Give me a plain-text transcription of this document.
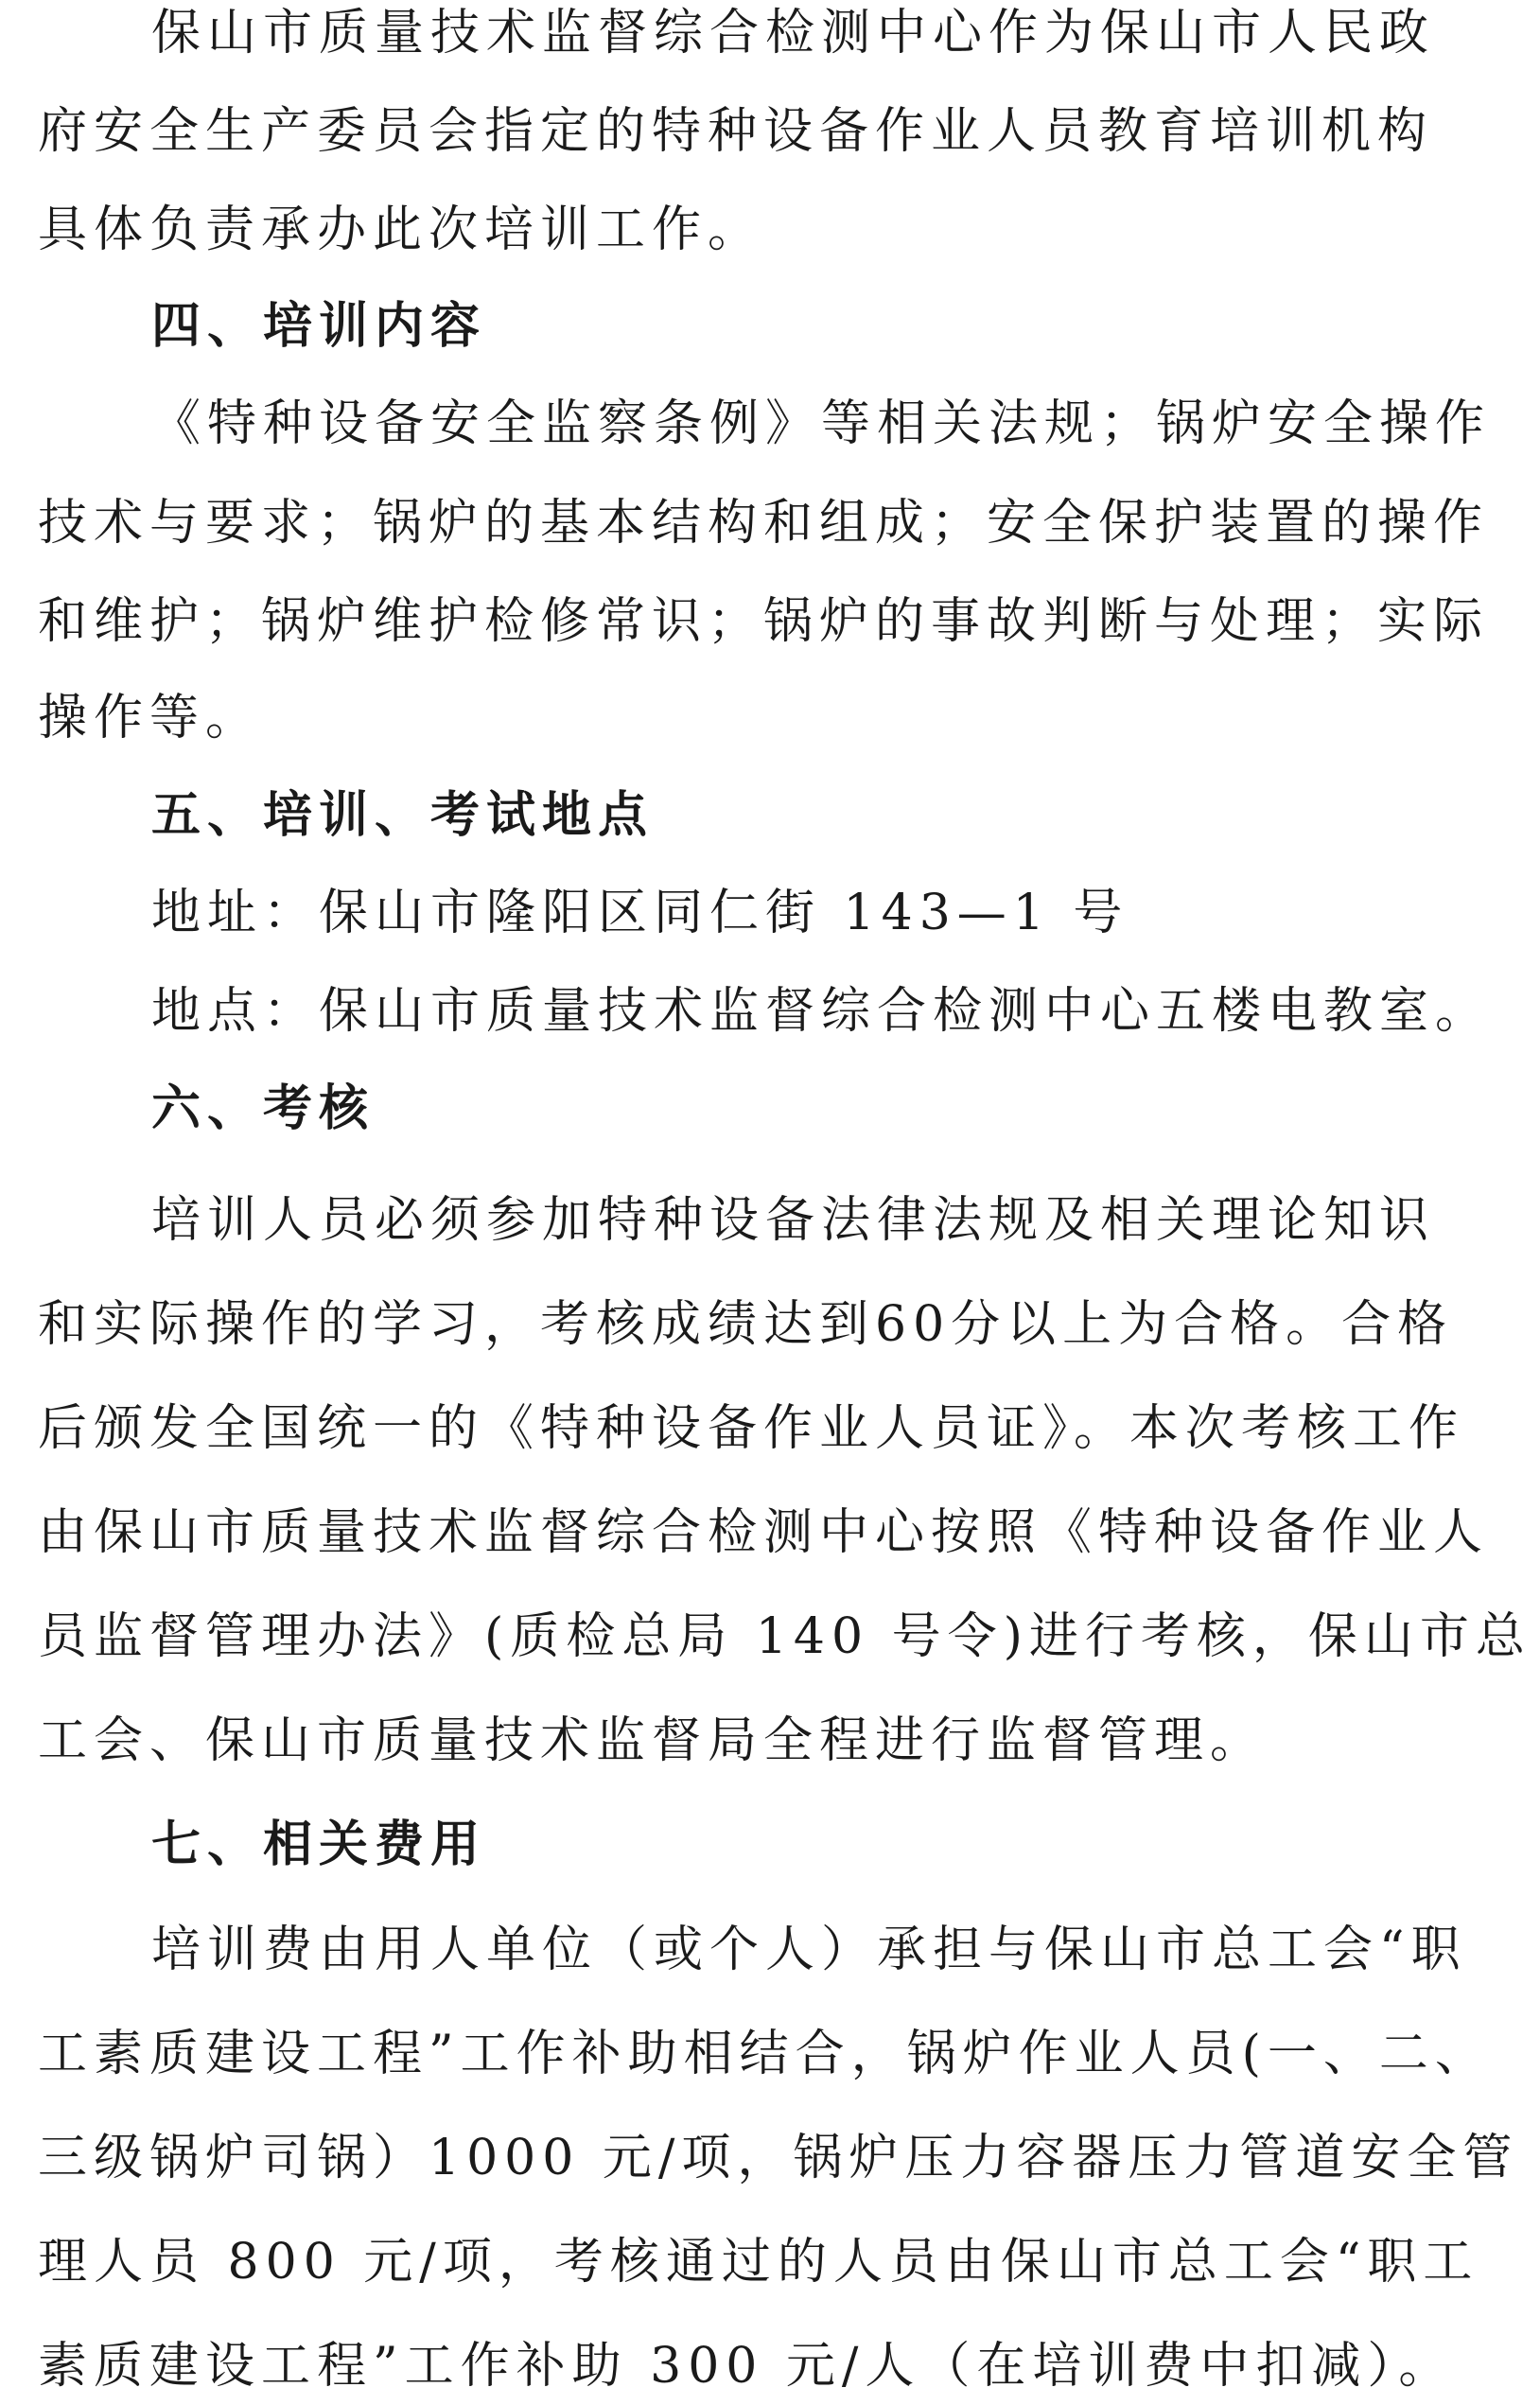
保山市质量技术监督综合检测中心作为保山市人民政
府安全生产委员会指定的特种设备作业人员教育培训机构
具体负责承办此次培训工作。
四、培训内容
《特种设备安全监察条例》等相关法规；锅炉安全操作
技术与要求；锅炉的基本结构和组成；安全保护装置的操作
和维护；锅炉维护检修常识；锅炉的事故判断与处理；实际
操作等。
五、培训、考试地点
地址：保山市隆阳区同仁街 143—1 号
地点：保山市质量技术监督综合检测中心五楼电教室。
六、考核
培训人员必须参加特种设备法律法规及相关理论知识
和实际操作的学习，考核成绩达到60分以上为合格。合格
后颁发全国统一的《特种设备作业人员证》。本次考核工作
由保山市质量技术监督综合检测中心按照《特种设备作业人
员监督管理办法》(质检总局 140 号令)进行考核，保山市总
工会、保山市质量技术监督局全程进行监督管理。
七、相关费用
培训费由用人单位（或个人）承担与保山市总工会“职
工素质建设工程”工作补助相结合，锅炉作业人员(一、二、
三级锅炉司锅）1000 元/项，锅炉压力容器压力管道安全管
理人员 800 元/项，考核通过的人员由保山市总工会“职工
素质建设工程”工作补助 300 元/人（在培训费中扣减）。
